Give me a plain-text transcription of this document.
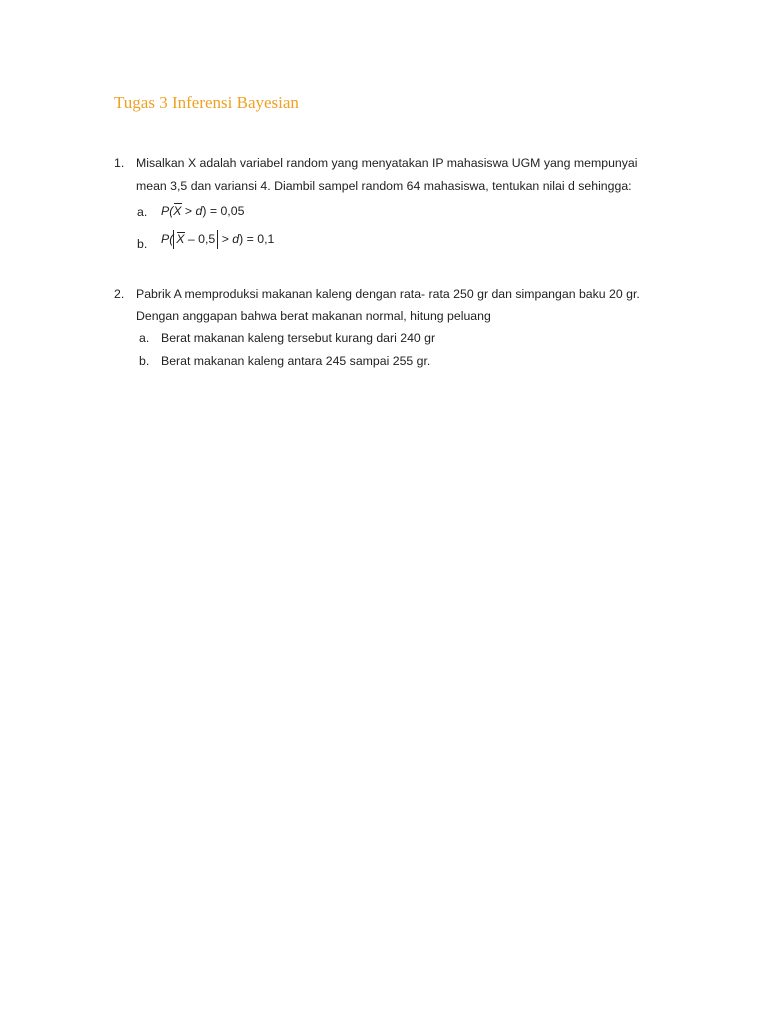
Tugas 3 Inferensi Bayesian
1. Misalkan X adalah variabel random yang menyatakan IP mahasiswa UGM yang mempunyai
mean 3,5 dan variansi 4. Diambil sampel random 64 mahasiswa, tentukan nilai d sehingga:
a. P(X > d) = 0,05
b. P( X – 0,5 > d) = 0,1
2. Pabrik A memproduksi makanan kaleng dengan rata- rata 250 gr dan simpangan baku 20 gr.
Dengan anggapan bahwa berat makanan normal, hitung peluang
a. Berat makanan kaleng tersebut kurang dari 240 gr
b. Berat makanan kaleng antara 245 sampai 255 gr.
